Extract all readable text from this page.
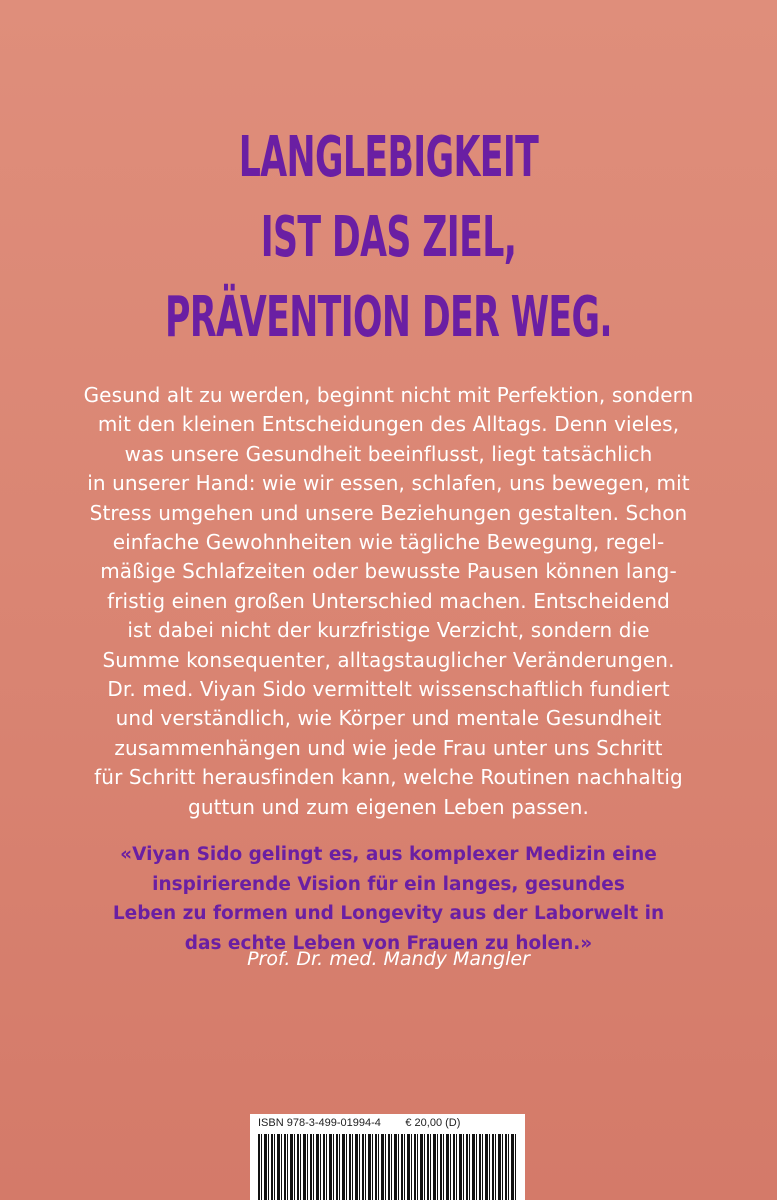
LANGLEBIGKEIT
IST DAS ZIEL,
PRÄVENTION DER WEG.
Gesund alt zu werden, beginnt nicht mit Perfektion, sondern
mit den kleinen Entscheidungen des Alltags. Denn vieles,
was unsere Gesundheit beeinflusst, liegt tatsächlich
in unserer Hand: wie wir essen, schlafen, uns bewegen, mit
Stress umgehen und unsere Beziehungen gestalten. Schon
einfache Gewohnheiten wie tägliche Bewegung, regel-
mäßige Schlafzeiten oder bewusste Pausen können lang-
fristig einen großen Unterschied machen. Entscheidend
ist dabei nicht der kurzfristige Verzicht, sondern die
Summe konsequenter, alltagstauglicher Veränderungen.
Dr. med. Viyan Sido vermittelt wissenschaftlich fundiert
und verständlich, wie Körper und mentale Gesundheit
zusammenhängen und wie jede Frau unter uns Schritt
für Schritt herausfinden kann, welche Routinen nachhaltig
guttun und zum eigenen Leben passen.
«Viyan Sido gelingt es, aus komplexer Medizin eine
inspirierende Vision für ein langes, gesundes
Leben zu formen und Longevity aus der Laborwelt in
das echte Leben von Frauen zu holen.»
Prof. Dr. med. Mandy Mangler
ISBN 978-3-499-01994-4 € 20,00 (D)
